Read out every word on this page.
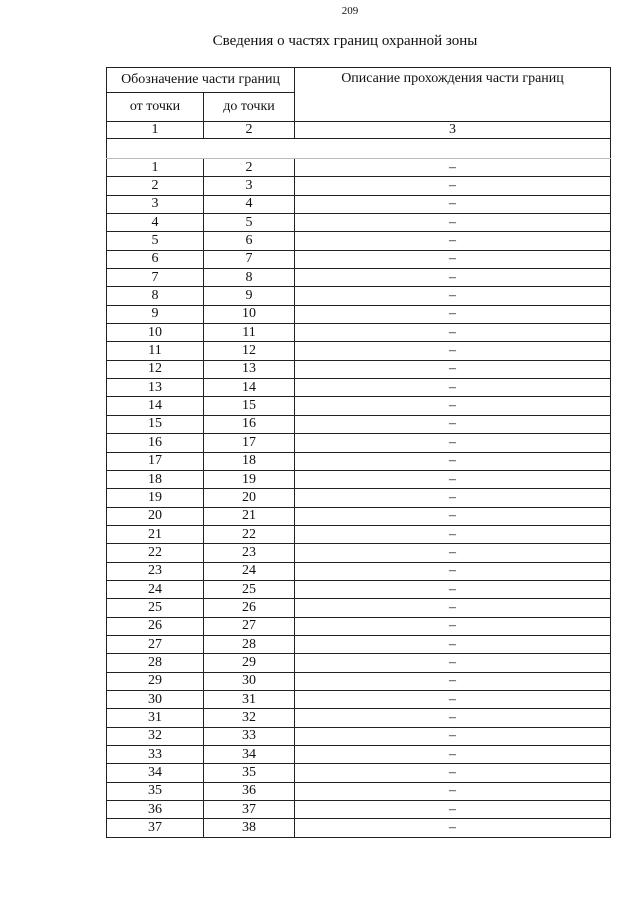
209
Сведения о частях границ охранной зоны
Обозначение части границ		Описание прохождения части границ
от точки	до точки	
1	2	3

1	2	–
2	3	–
3	4	–
4	5	–
5	6	–
6	7	–
7	8	–
8	9	–
9	10	–
10	11	–
11	12	–
12	13	–
13	14	–
14	15	–
15	16	–
16	17	–
17	18	–
18	19	–
19	20	–
20	21	–
21	22	–
22	23	–
23	24	–
24	25	–
25	26	–
26	27	–
27	28	–
28	29	–
29	30	–
30	31	–
31	32	–
32	33	–
33	34	–
34	35	–
35	36	–
36	37	–
37	38	–
